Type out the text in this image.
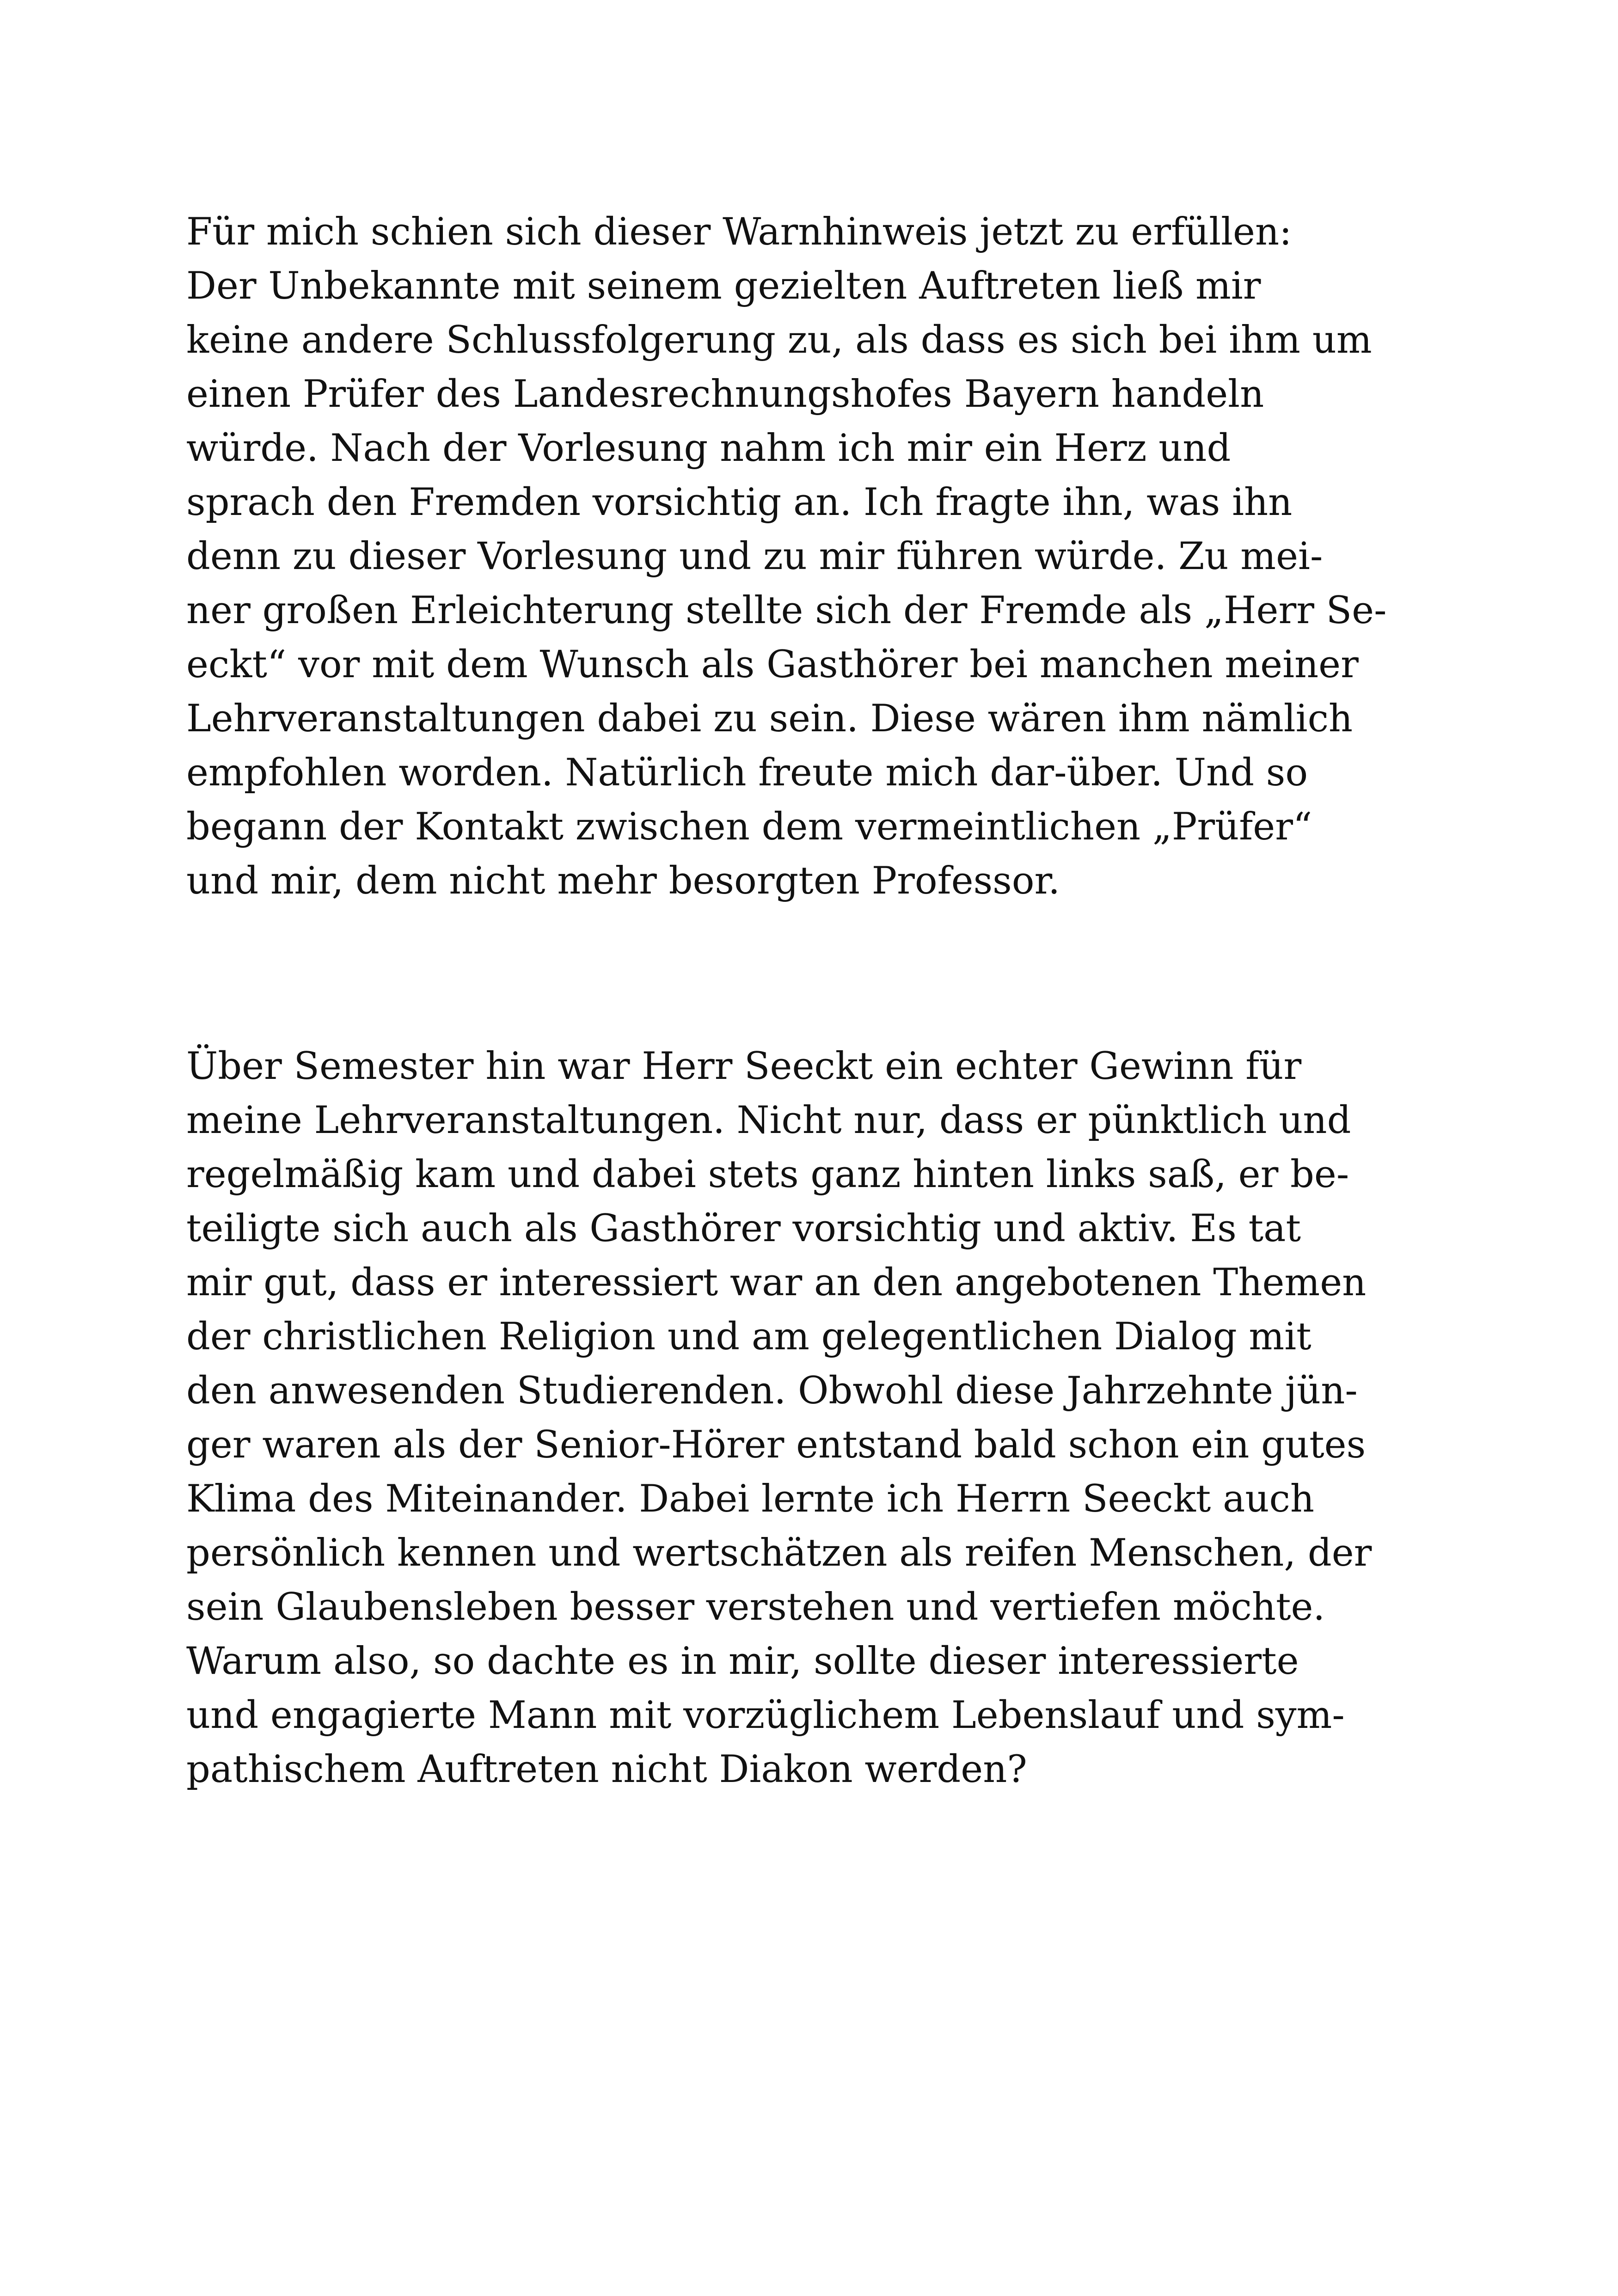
Für mich schien sich dieser Warnhinweis jetzt zu erfüllen:
Der Unbekannte mit seinem gezielten Auftreten ließ mir
keine andere Schlussfolgerung zu, als dass es sich bei ihm um
einen Prüfer des Landesrechnungshofes Bayern handeln
würde. Nach der Vorlesung nahm ich mir ein Herz und
sprach den Fremden vorsichtig an. Ich fragte ihn, was ihn
denn zu dieser Vorlesung und zu mir führen würde. Zu mei-
ner großen Erleichterung stellte sich der Fremde als „Herr Se-
eckt“ vor mit dem Wunsch als Gasthörer bei manchen meiner
Lehrveranstaltungen dabei zu sein. Diese wären ihm nämlich
empfohlen worden. Natürlich freute mich dar-über. Und so
begann der Kontakt zwischen dem vermeintlichen „Prüfer“
und mir, dem nicht mehr besorgten Professor.

Über Semester hin war Herr Seeckt ein echter Gewinn für
meine Lehrveranstaltungen. Nicht nur, dass er pünktlich und
regelmäßig kam und dabei stets ganz hinten links saß, er be-
teiligte sich auch als Gasthörer vorsichtig und aktiv. Es tat
mir gut, dass er interessiert war an den angebotenen Themen
der christlichen Religion und am gelegentlichen Dialog mit
den anwesenden Studierenden. Obwohl diese Jahrzehnte jün-
ger waren als der Senior-Hörer entstand bald schon ein gutes
Klima des Miteinander. Dabei lernte ich Herrn Seeckt auch
persönlich kennen und wertschätzen als reifen Menschen, der
sein Glaubensleben besser verstehen und vertiefen möchte.
Warum also, so dachte es in mir, sollte dieser interessierte
und engagierte Mann mit vorzüglichem Lebenslauf und sym-
pathischem Auftreten nicht Diakon werden?
